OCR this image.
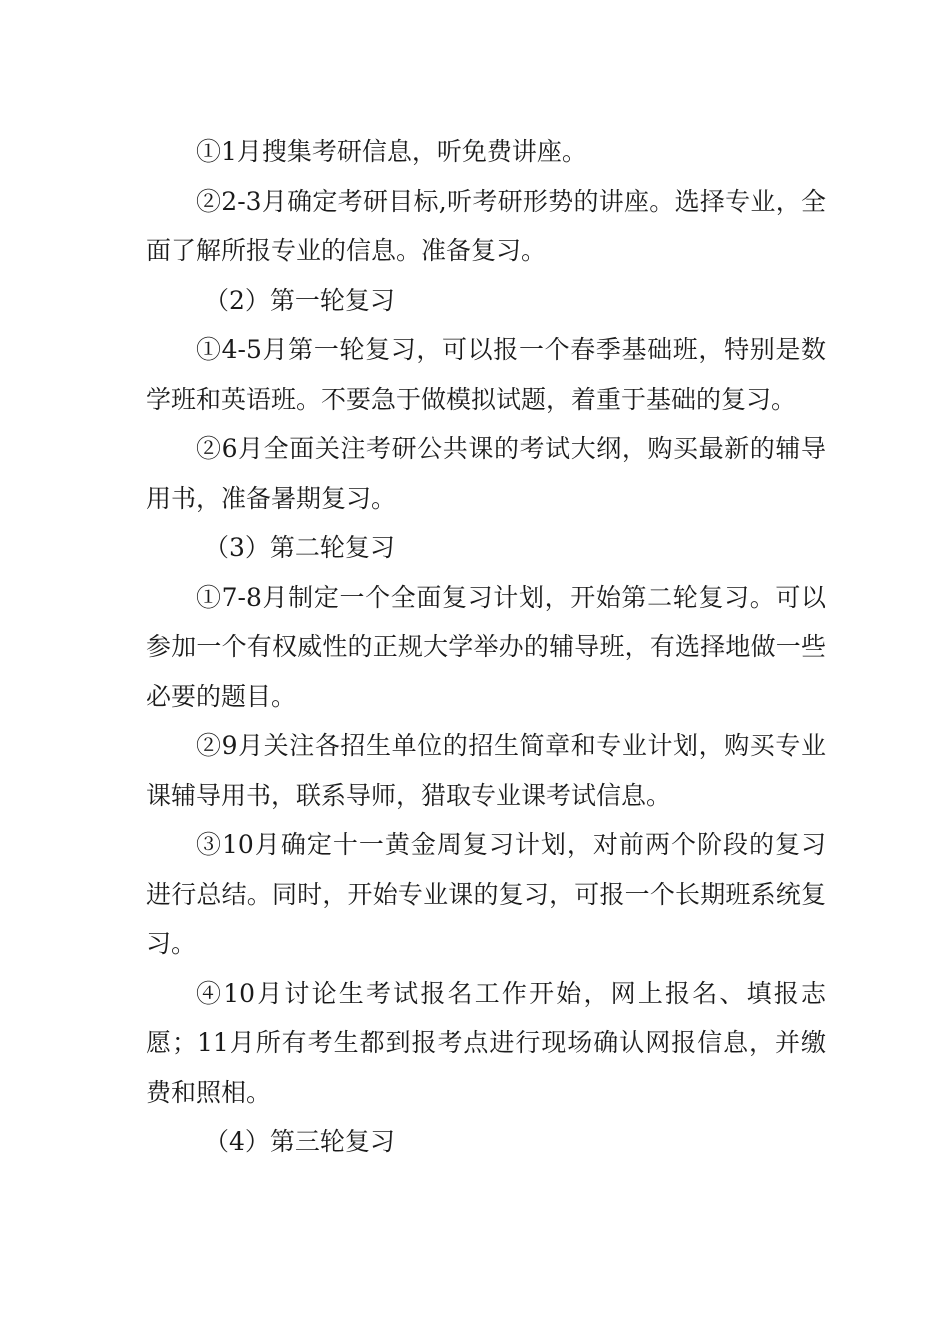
①1月搜集考研信息，听免费讲座。

②2-3月确定考研目标,听考研形势的讲座。选择专业，全面了解所报专业的信息。准备复习。

（2）第一轮复习

①4-5月第一轮复习，可以报一个春季基础班，特别是数学班和英语班。不要急于做模拟试题，着重于基础的复习。

②6月全面关注考研公共课的考试大纲，购买最新的辅导用书，准备暑期复习。

（3）第二轮复习

①7-8月制定一个全面复习计划，开始第二轮复习。可以参加一个有权威性的正规大学举办的辅导班，有选择地做一些必要的题目。

②9月关注各招生单位的招生简章和专业计划，购买专业课辅导用书，联系导师，猎取专业课考试信息。

③10月确定十一黄金周复习计划，对前两个阶段的复习进行总结。同时，开始专业课的复习，可报一个长期班系统复习。

④10月讨论生考试报名工作开始，网上报名、填报志愿；11月所有考生都到报考点进行现场确认网报信息，并缴费和照相。

（4）第三轮复习
